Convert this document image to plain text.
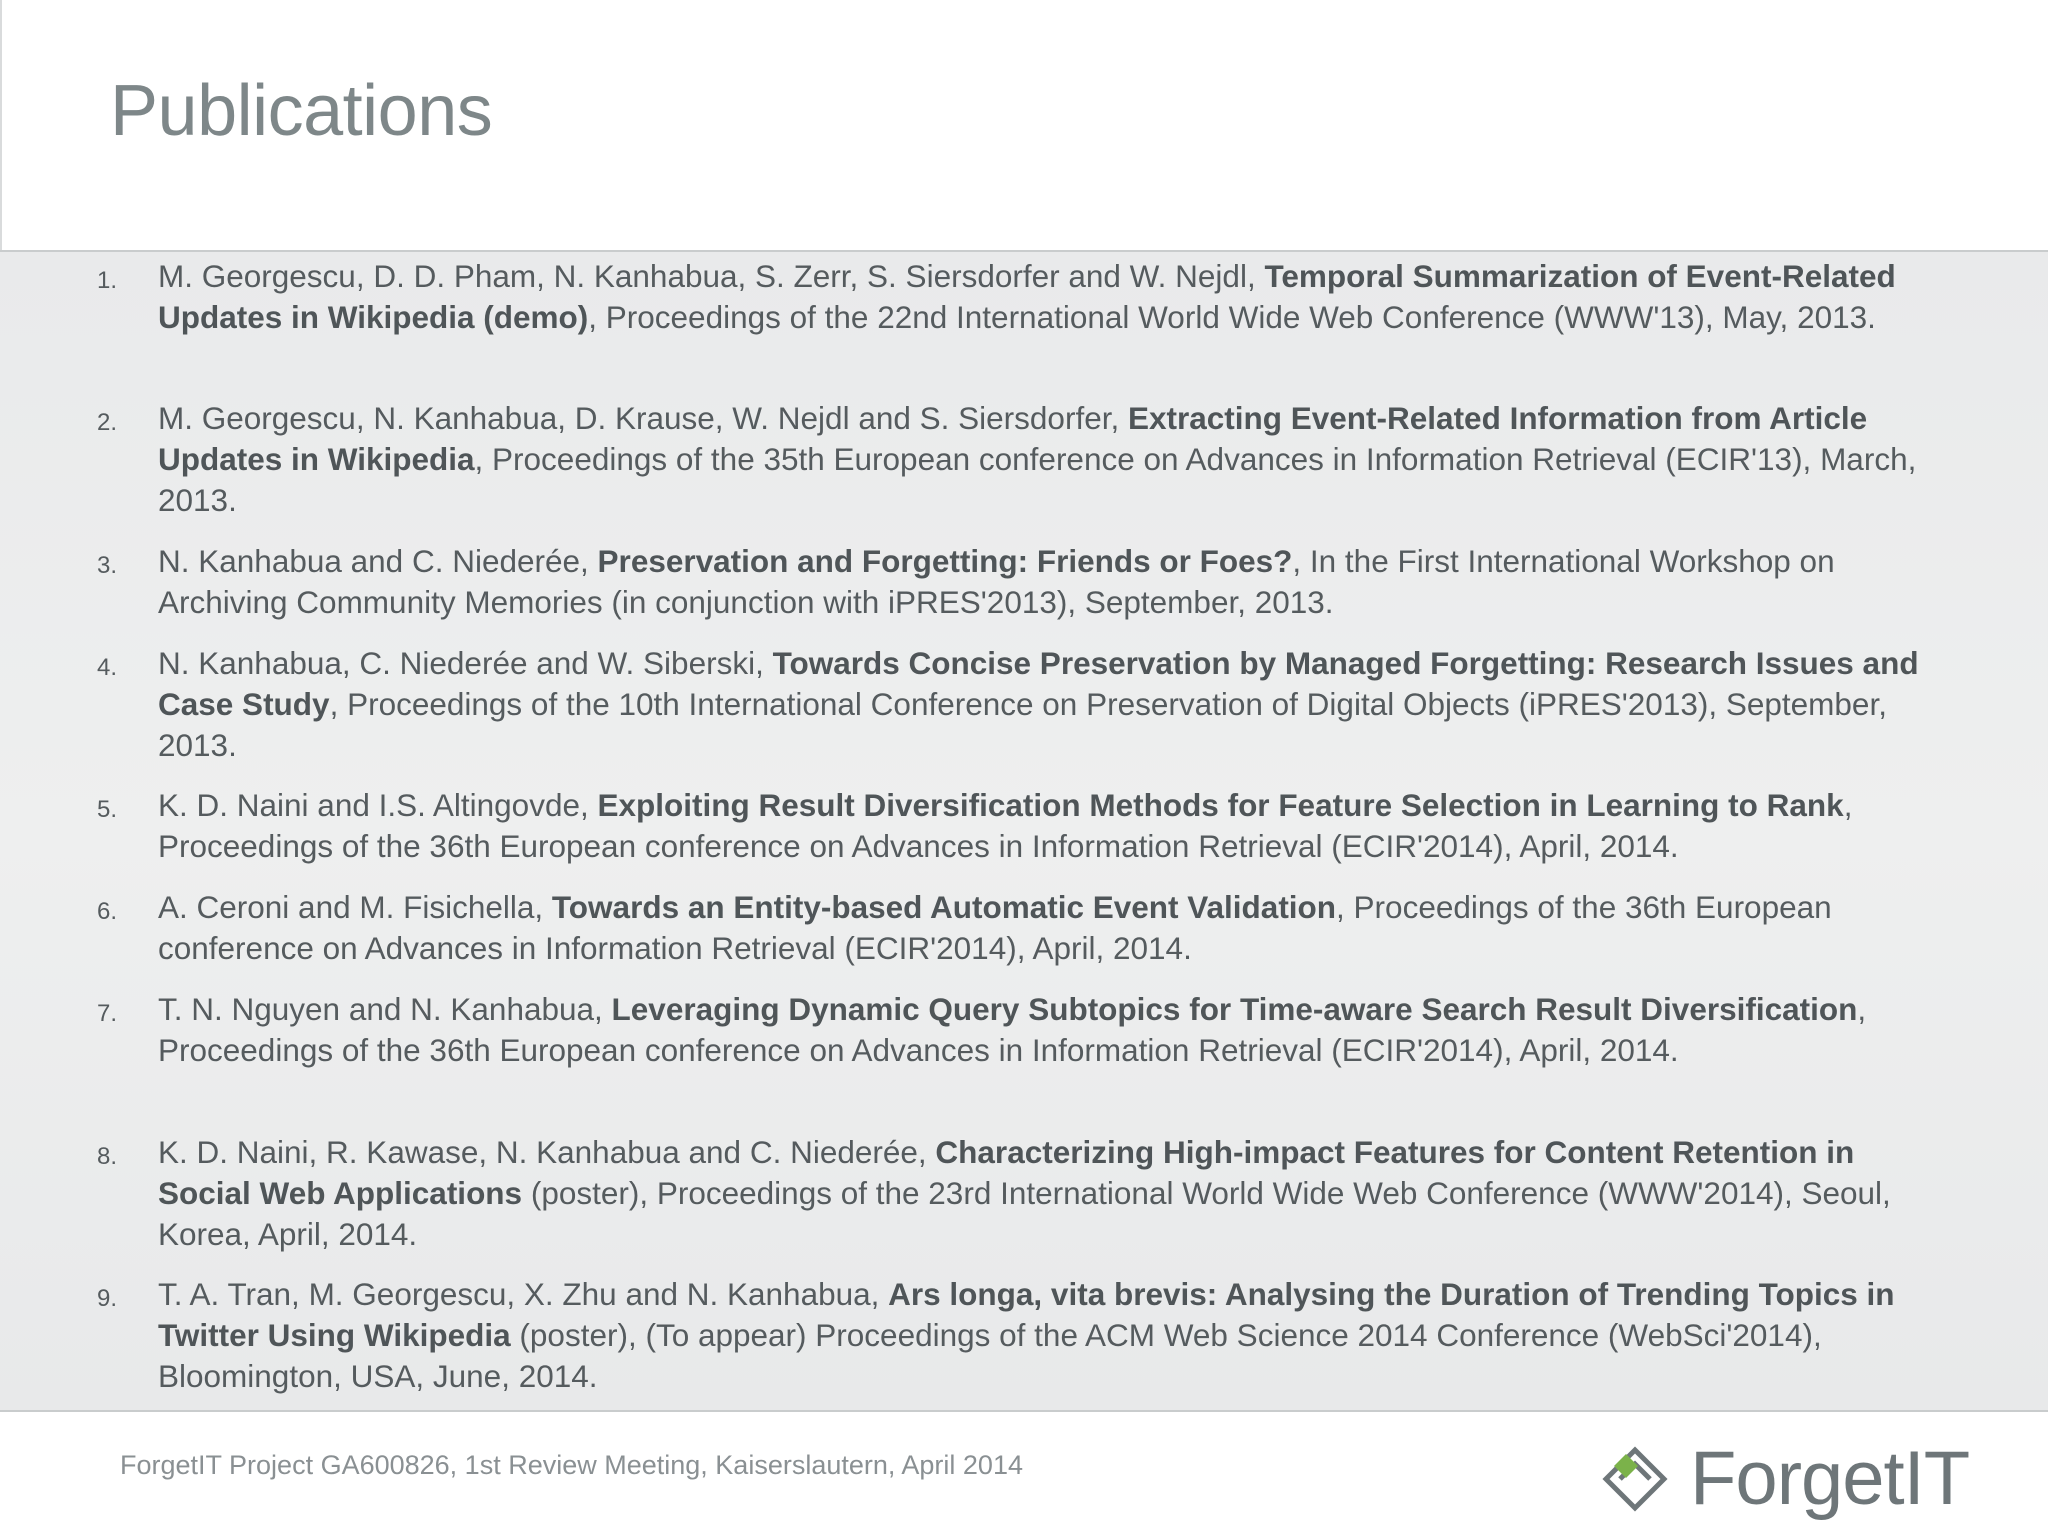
Publications
1.	M. Georgescu, D. D. Pham, N. Kanhabua, S. Zerr, S. Siersdorfer and W. Nejdl, Temporal Summarization of Event-Related Updates in Wikipedia (demo), Proceedings of the 22nd International World Wide Web Conference (WWW'13), May, 2013.
2.	M. Georgescu, N. Kanhabua, D. Krause, W. Nejdl and S. Siersdorfer, Extracting Event-Related Information from Article Updates in Wikipedia, Proceedings of the 35th European conference on Advances in Information Retrieval (ECIR'13), March, 2013.
3.	N. Kanhabua and C. Niederée, Preservation and Forgetting: Friends or Foes?, In the First International Workshop on Archiving Community Memories (in conjunction with iPRES'2013), September, 2013.
4.	N. Kanhabua, C. Niederée and W. Siberski, Towards Concise Preservation by Managed Forgetting: Research Issues and Case Study, Proceedings of the 10th International Conference on Preservation of Digital Objects (iPRES'2013), September, 2013.
5.	K. D. Naini and I.S. Altingovde, Exploiting Result Diversification Methods for Feature Selection in Learning to Rank, Proceedings of the 36th European conference on Advances in Information Retrieval (ECIR'2014), April, 2014.
6.	A. Ceroni and M. Fisichella, Towards an Entity-based Automatic Event Validation, Proceedings of the 36th European conference on Advances in Information Retrieval (ECIR'2014), April, 2014.
7.	T. N. Nguyen and N. Kanhabua, Leveraging Dynamic Query Subtopics for Time-aware Search Result Diversification, Proceedings of the 36th European conference on Advances in Information Retrieval (ECIR'2014), April, 2014.
8.	K. D. Naini, R. Kawase, N. Kanhabua and C. Niederée, Characterizing High-impact Features for Content Retention in Social Web Applications (poster), Proceedings of the 23rd International World Wide Web Conference (WWW'2014), Seoul, Korea, April, 2014.
9.	T. A. Tran, M. Georgescu, X. Zhu and N. Kanhabua, Ars longa, vita brevis: Analysing the Duration of Trending Topics in Twitter Using Wikipedia (poster), (To appear) Proceedings of the ACM Web Science 2014 Conference (WebSci'2014), Bloomington, USA, June, 2014.
ForgetIT Project GA600826, 1st Review Meeting, Kaiserslautern, April 2014	ForgetIT
